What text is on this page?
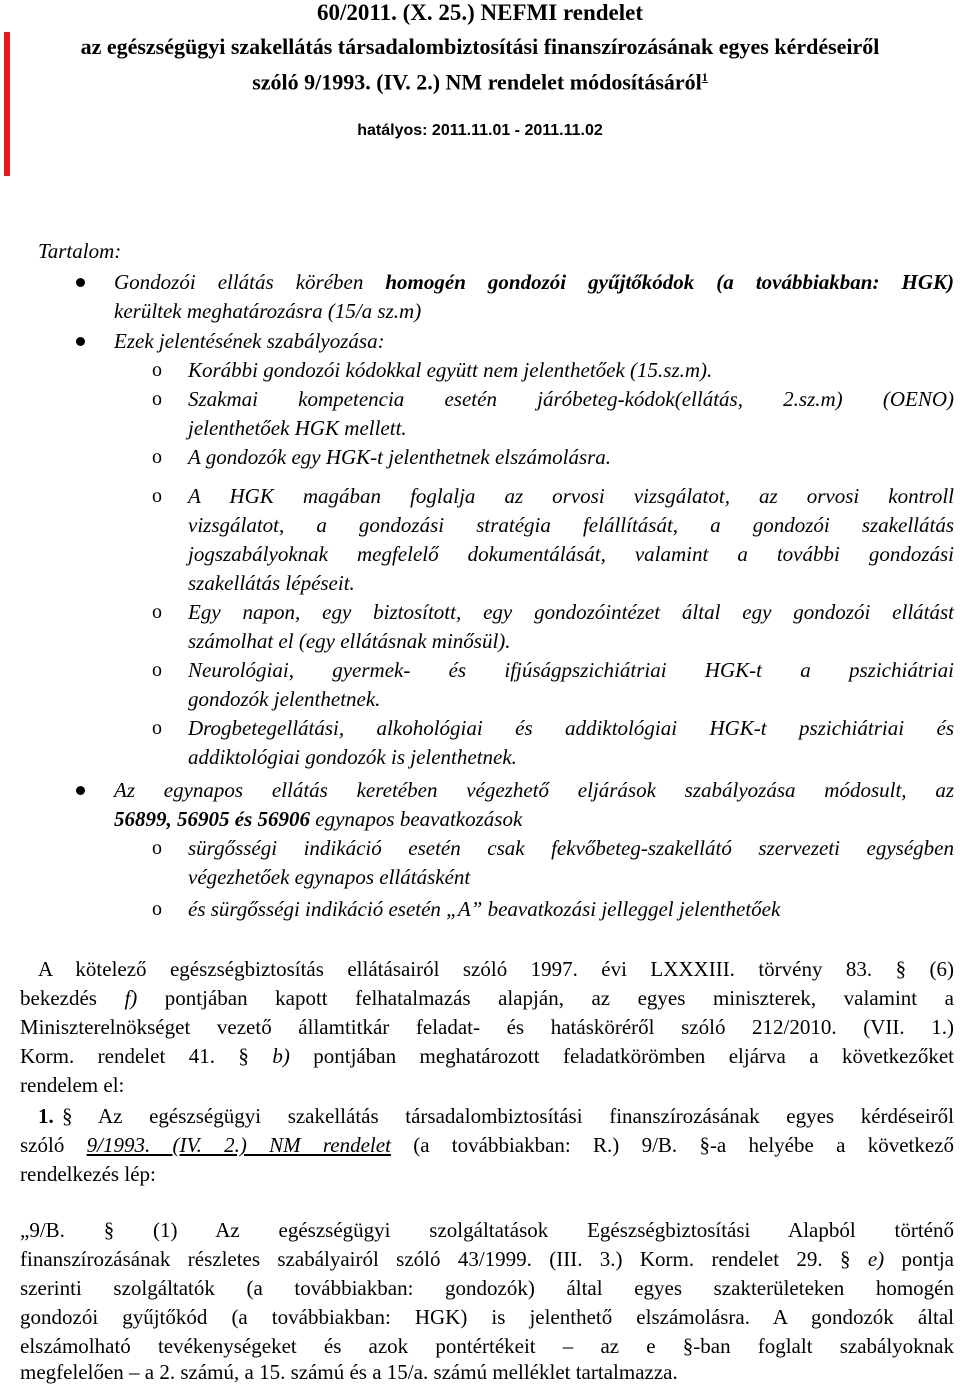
60/2011. (X. 25.) NEFMI rendelet
az egészségügyi szakellátás társadalombiztosítási finanszírozásának egyes kérdéseiről
szóló 9/1993. (IV. 2.) NM rendelet módosításáról$^1$
hatályos: 2011.11.01 - 2011.11.02
Tartalom:
Gondozói ellátás körében homogén gondozói gyűjtőkódok (a továbbiakban: HGK)
kerültek meghatározásra (15/a sz.m)
Ezek jelentésének szabályozása:
o Korábbi gondozói kódokkal együtt nem jelenthetőek (15.sz.m).
o Szakmai kompetencia esetén járóbeteg-kódok(ellátás, 2.sz.m) (OENO)
jelenthetőek HGK mellett.
o A gondozók egy HGK-t jelenthetnek elszámolásra.
o A HGK magában foglalja az orvosi vizsgálatot, az orvosi kontroll
vizsgálatot, a gondozási stratégia felállítását, a gondozói szakellátás
jogszabályoknak megfelelő dokumentálását, valamint a további gondozási
szakellátás lépéseit.
o Egy napon, egy biztosított, egy gondozóintézet által egy gondozói ellátást
számolhat el (egy ellátásnak minősül).
o Neurológiai, gyermek- és ifjúságpszichiátriai HGK-t a pszichiátriai
gondozók jelenthetnek.
o Drogbetegellátási, alkohológiai és addiktológiai HGK-t pszichiátriai és
addiktológiai gondozók is jelenthetnek.
Az egynapos ellátás keretében végezhető eljárások szabályozása módosult, az
56899, 56905 és 56906 egynapos beavatkozások
o sürgősségi indikáció esetén csak fekvőbeteg-szakellátó szervezeti egységben
végezhetőek egynapos ellátásként
o és sürgősségi indikáció esetén „A” beavatkozási jelleggel jelenthetőek
A kötelező egészségbiztosítás ellátásairól szóló 1997. évi LXXXIII. törvény 83. § (6)
bekezdés f) pontjában kapott felhatalmazás alapján, az egyes miniszterek, valamint a
Miniszterelnökséget vezető államtitkár feladat- és hatásköréről szóló 212/2010. (VII. 1.)
Korm. rendelet 41. § b) pontjában meghatározott feladatkörömben eljárva a következőket
rendelem el:
1. § Az egészségügyi szakellátás társadalombiztosítási finanszírozásának egyes kérdéseiről
szóló 9/1993. (IV. 2.) NM rendelet (a továbbiakban: R.) 9/B. §-a helyébe a következő
rendelkezés lép:
„9/B. § (1) Az egészségügyi szolgáltatások Egészségbiztosítási Alapból történő
finanszírozásának részletes szabályairól szóló 43/1999. (III. 3.) Korm. rendelet 29. § e) pontja
szerinti szolgáltatók (a továbbiakban: gondozók) által egyes szakterületeken homogén
gondozói gyűjtőkód (a továbbiakban: HGK) is jelenthető elszámolásra. A gondozók által
elszámolható tevékenységeket és azok pontértékeit – az e §-ban foglalt szabályoknak
megfelelően – a 2. számú, a 15. számú és a 15/a. számú melléklet tartalmazza.
